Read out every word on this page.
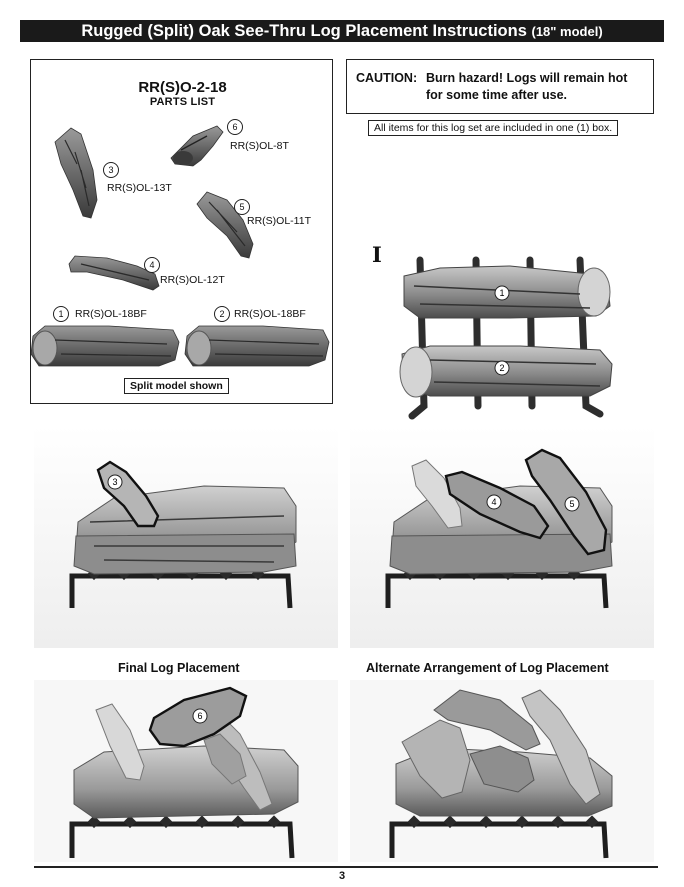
Rugged (Split) Oak See-Thru Log Placement Instructions (18" model)
RR(S)O-2-18
PARTS LIST
6
RR(S)OL-8T
3
RR(S)OL-13T
5
RR(S)OL-11T
4
RR(S)OL-12T
1	RR(S)OL-18BF	2 RR(S)OL-18BF
Split model shown
CAUTION: Burn hazard! Logs will remain hot
for some time after use.
All items for this log set are included in one (1) box.
I
1
2
3
4	5
Final Log Placement	Alternate Arrangement of Log Placement
6
3
